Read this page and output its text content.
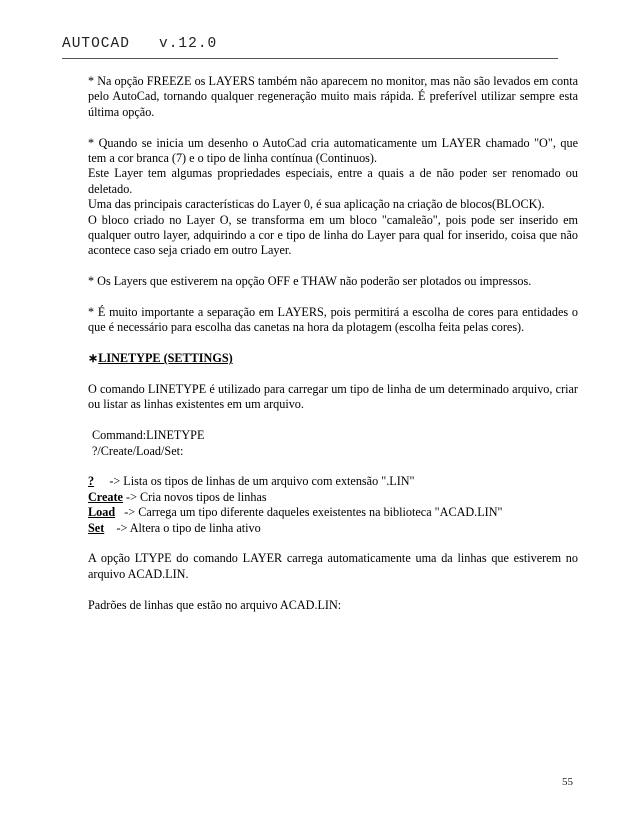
AUTOCAD   v.12.0

* Na opção FREEZE os LAYERS também não aparecem no monitor, mas não são levados em conta pelo AutoCad, tornando qualquer regeneração muito mais rápida. É preferível utilizar sempre esta última opção.

* Quando se inicia um desenho o AutoCad cria automaticamente um LAYER chamado "O", que tem a cor branca (7) e o tipo de linha contínua (Continuos).

Este Layer tem algumas propriedades especiais, entre a quais a de não poder ser renomado ou deletado.

Uma das principais características do Layer 0, é sua aplicação na criação de blocos(BLOCK).

O bloco criado no Layer O, se transforma em um bloco "camaleão", pois pode ser inserido em qualquer outro layer, adquirindo a cor e tipo de linha do Layer para qual for inserido, coisa que não acontece caso seja criado em outro Layer.

* Os Layers que estiverem na opção OFF e THAW não poderão ser plotados ou impressos.

* É muito importante a separação em LAYERS, pois permitirá a escolha de cores para entidades o que é necessário para escolha das canetas na hora da plotagem (escolha feita pelas cores).

∗LINETYPE (SETTINGS)

O comando LINETYPE é utilizado para carregar um tipo de linha de um determinado arquivo, criar ou listar as linhas existentes em um arquivo.

Command:LINETYPE

?/Create/Load/Set:

?     -> Lista os tipos de linhas de um arquivo com extensão ".LIN"

Create -> Cria novos tipos de linhas

Load   -> Carrega um tipo diferente daqueles exeistentes na biblioteca "ACAD.LIN"

Set    -> Altera o tipo de linha ativo

A opção LTYPE do comando LAYER carrega automaticamente uma da linhas que estiverem no arquivo ACAD.LIN.

Padrões de linhas que estão no arquivo ACAD.LIN:

55
